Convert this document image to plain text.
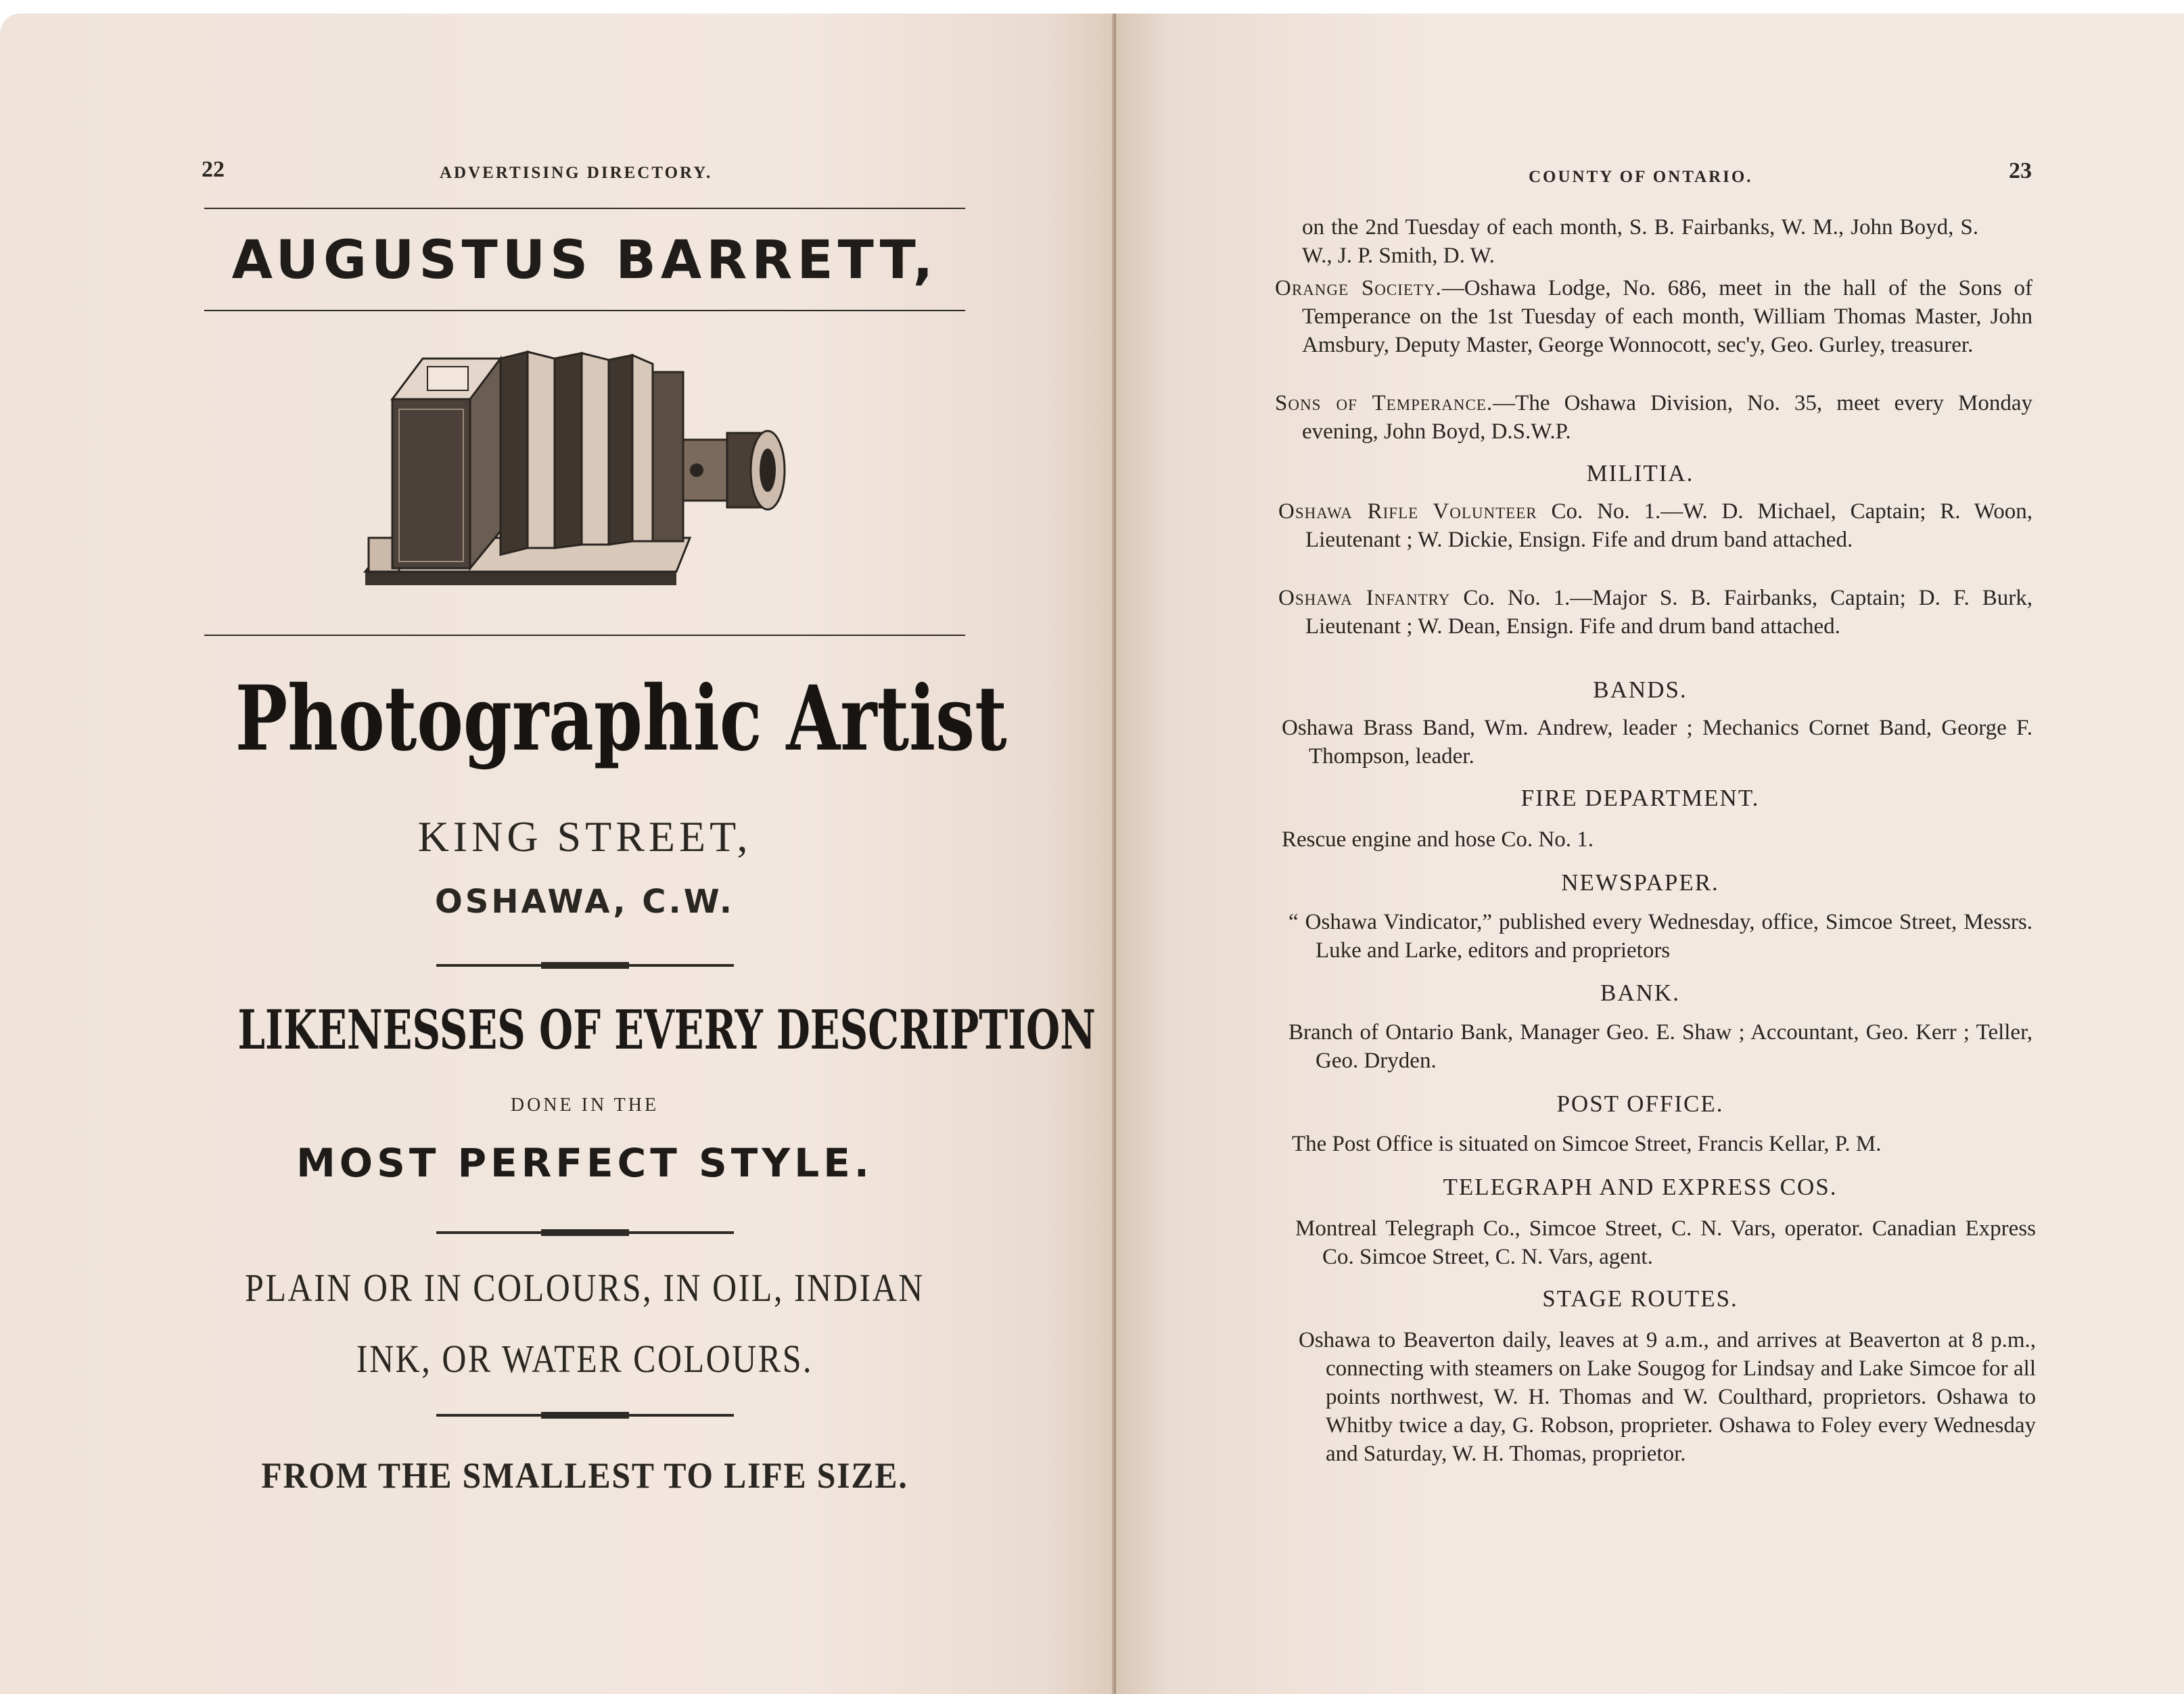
22	ADVERTISING DIRECTORY.
AUGUSTUS BARRETT,
Photographic Artist
KING STREET,
OSHAWA, C.W.
LIKENESSES OF EVERY DESCRIPTION
DONE IN THE
MOST PERFECT STYLE.
PLAIN OR IN COLOURS, IN OIL, INDIAN
INK, OR WATER COLOURS.
FROM THE SMALLEST TO LIFE SIZE.
COUNTY OF ONTARIO.	23
on the 2nd Tuesday of each month, S. B. Fairbanks, W. M., John Boyd, S. W., J. P. Smith, D. W.
Orange Society.—Oshawa Lodge, No. 686, meet in the hall of the Sons of Temperance on the 1st Tuesday of each month, William Thomas Master, John Amsbury, Deputy Master, George Wonnocott, sec'y, Geo. Gurley, treasurer.
Sons of Temperance.—The Oshawa Division, No. 35, meet every Monday evening, John Boyd, D.S.W.P.
MILITIA.
Oshawa Rifle Volunteer Co. No. 1.—W. D. Michael, Captain; R. Woon, Lieutenant ; W. Dickie, Ensign. Fife and drum band attached.
Oshawa Infantry Co. No. 1.—Major S. B. Fairbanks, Captain; D. F. Burk, Lieutenant ; W. Dean, Ensign. Fife and drum band attached.
BANDS.
Oshawa Brass Band, Wm. Andrew, leader ; Mechanics Cornet Band, George F. Thompson, leader.
FIRE DEPARTMENT.
Rescue engine and hose Co. No. 1.
NEWSPAPER.
“ Oshawa Vindicator,” published every Wednesday, office, Simcoe Street, Messrs. Luke and Larke, editors and proprietors
BANK.
Branch of Ontario Bank, Manager Geo. E. Shaw ; Accountant, Geo. Kerr ; Teller, Geo. Dryden.
POST OFFICE.
The Post Office is situated on Simcoe Street, Francis Kellar, P. M.
TELEGRAPH AND EXPRESS COS.
Montreal Telegraph Co., Simcoe Street, C. N. Vars, operator. Canadian Express Co. Simcoe Street, C. N. Vars, agent.
STAGE ROUTES.
Oshawa to Beaverton daily, leaves at 9 a.m., and arrives at Beaverton at 8 p.m., connecting with steamers on Lake Sougog for Lindsay and Lake Simcoe for all points northwest, W. H. Thomas and W. Coulthard, proprietors. Oshawa to Whitby twice a day, G. Robson, proprieter. Oshawa to Foley every Wednesday and Saturday, W. H. Thomas, proprietor.
